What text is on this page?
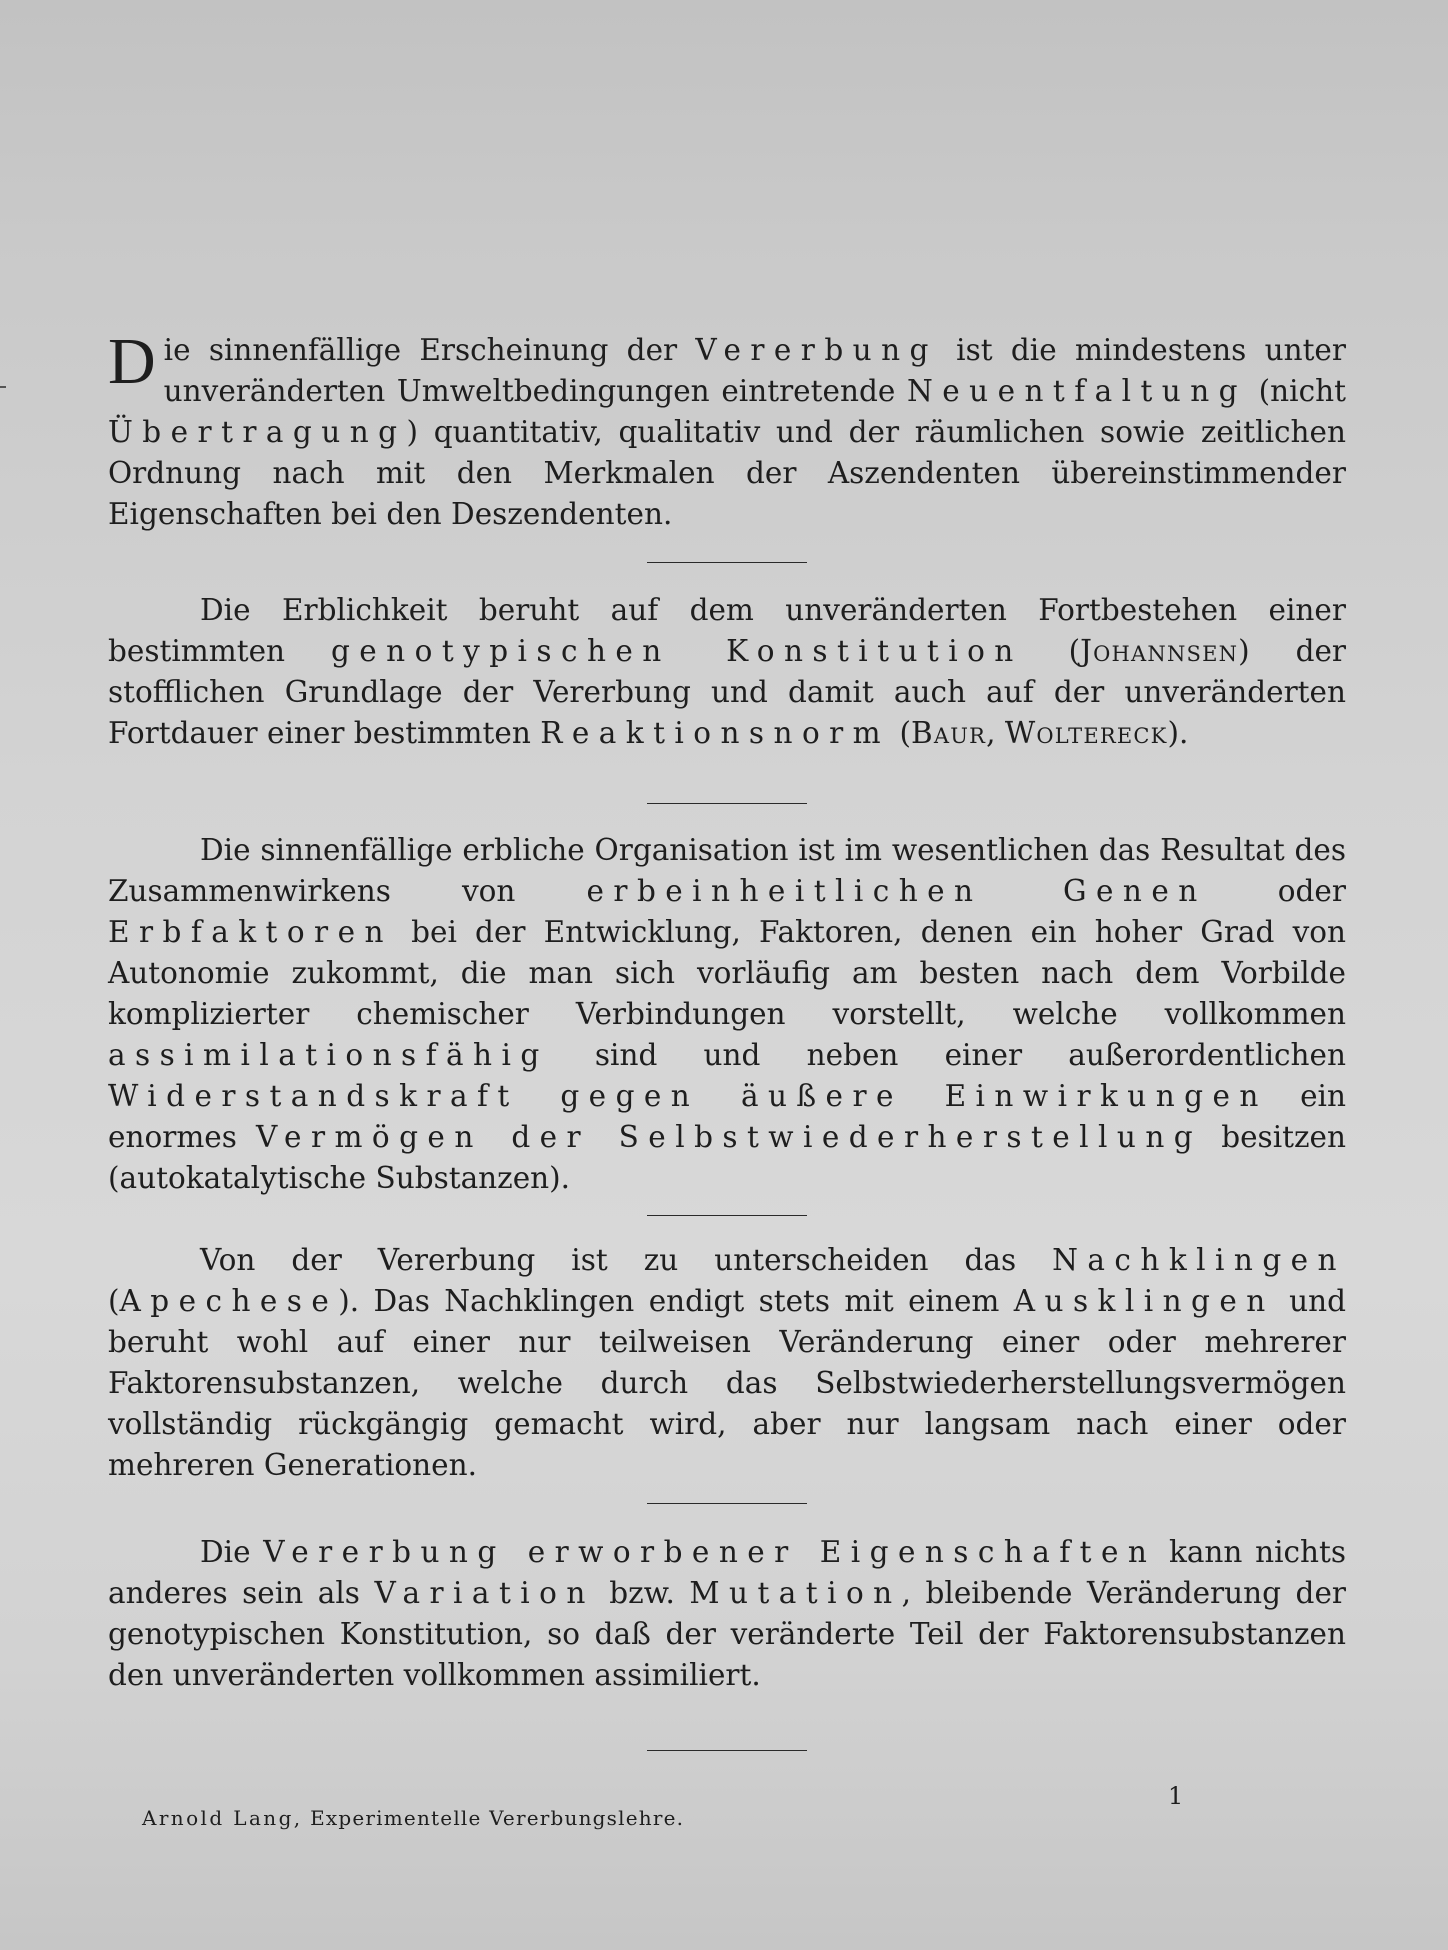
Die sinnenfällige Erscheinung der Vererbung ist die mindestens unter unveränderten Umweltbedingungen eintretende Neuentfaltung (nicht Übertragung) quantitativ, qualitativ und der räumlichen sowie zeitlichen Ordnung nach mit den Merkmalen der Aszendenten übereinstimmender Eigenschaften bei den Deszendenten.

Die Erblichkeit beruht auf dem unveränderten Fortbestehen einer bestimmten genotypischen Konstitution (Johannsen) der stofflichen Grundlage der Vererbung und damit auch auf der unveränderten Fortdauer einer bestimmten Reaktionsnorm (Baur, Woltereck).

Die sinnenfällige erbliche Organisation ist im wesentlichen das Resultat des Zusammenwirkens von erbeinheitlichen Genen oder Erbfaktoren bei der Entwicklung, Faktoren, denen ein hoher Grad von Autonomie zukommt, die man sich vorläufig am besten nach dem Vorbilde komplizierter chemischer Verbindungen vorstellt, welche vollkommen assimilationsfähig sind und neben einer außerordentlichen Widerstandskraft gegen äußere Einwirkungen ein enormes Vermögen der Selbstwiederherstellung besitzen (autokatalytische Substanzen).

Von der Vererbung ist zu unterscheiden das Nachklingen (Apechese). Das Nachklingen endigt stets mit einem Ausklingen und beruht wohl auf einer nur teilweisen Veränderung einer oder mehrerer Faktorensubstanzen, welche durch das Selbstwiederherstellungsvermögen vollständig rückgängig gemacht wird, aber nur langsam nach einer oder mehreren Generationen.

Die Vererbung erworbener Eigenschaften kann nichts anderes sein als Variation bzw. Mutation, bleibende Veränderung der genotypischen Konstitution, so daß der veränderte Teil der Faktorensubstanzen den unveränderten vollkommen assimiliert.

1
Arnold Lang, Experimentelle Vererbungslehre.
